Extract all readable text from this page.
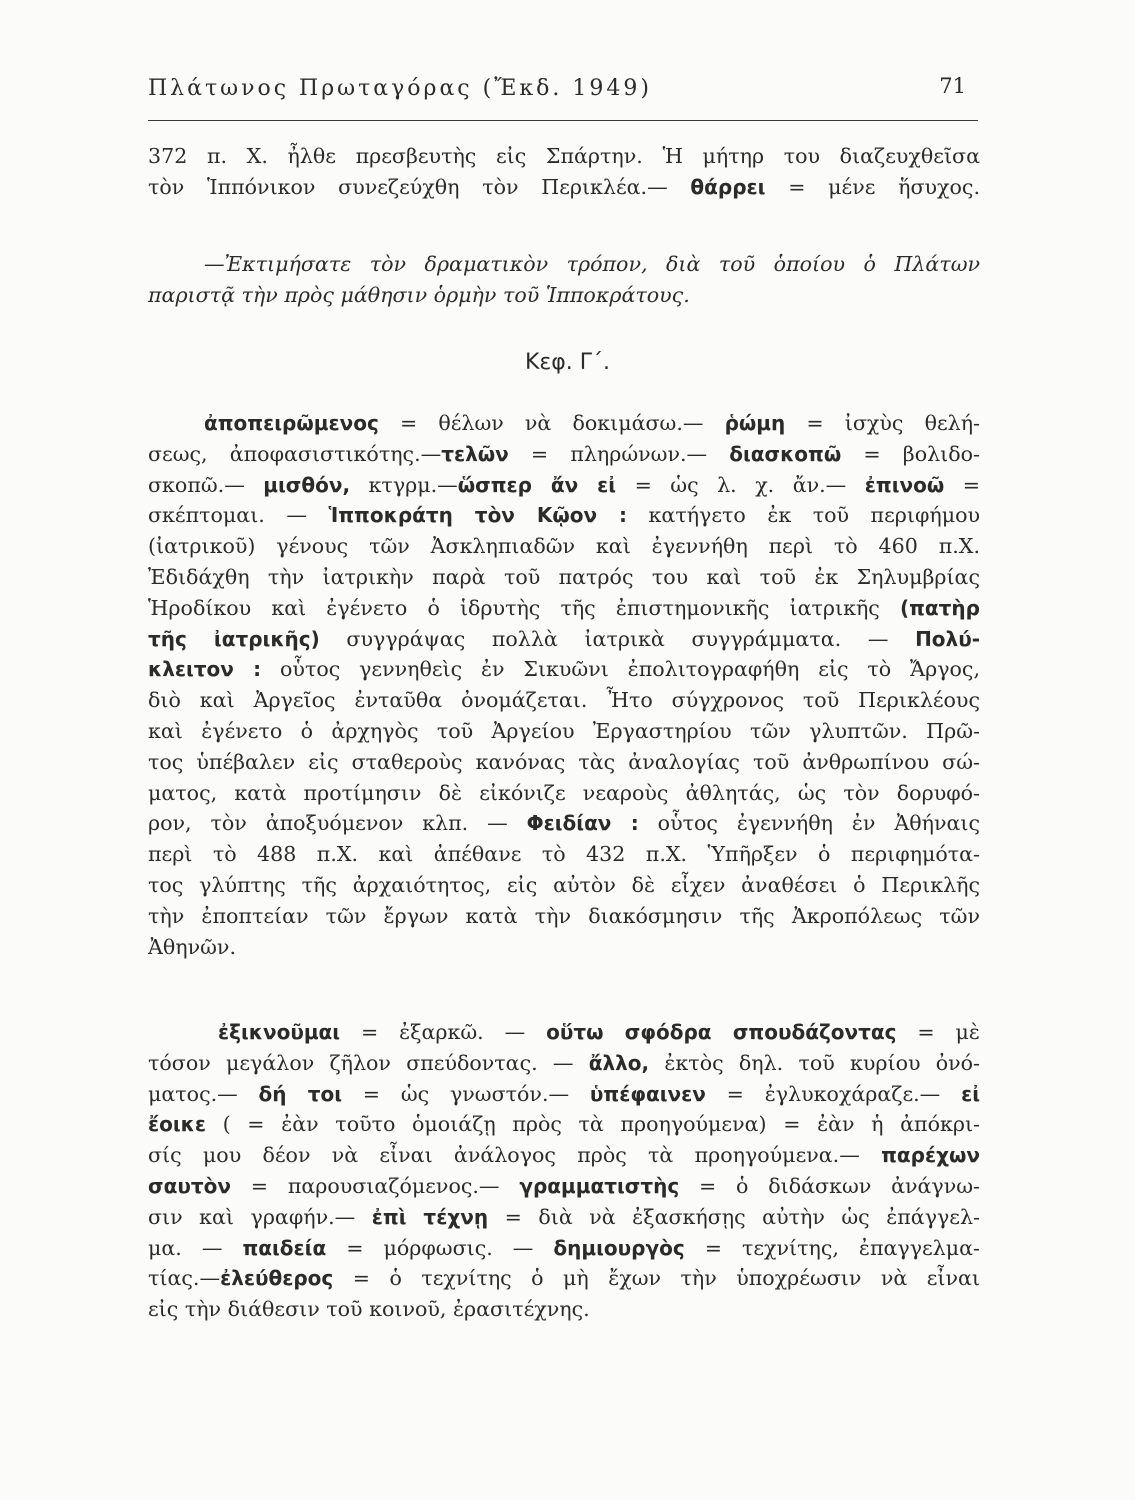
Πλάτωνος Πρωταγόρας (Ἔκδ. 1949)	71
372 π. Χ. ἦλθε πρεσβευτὴς εἰς Σπάρτην. Ἡ μήτηρ του διαζευχθεῖσα
τὸν Ἱππόνικον συνεζεύχθη τὸν Περικλέα.— θάρρει = μένε ἥσυχος.
—Ἐκτιμήσατε τὸν δραματικὸν τρόπον, διὰ τοῦ ὁποίου ὁ Πλάτων
παριστᾷ τὴν πρὸς μάθησιν ὁρμὴν τοῦ Ἱπποκράτους.
Κεφ. Γ΄.
ἀποπειρῶμενος = θέλων νὰ δοκιμάσω.— ῥώμη = ἰσχὺς θελή-
σεως, ἀποφασιστικότης.—τελῶν = πληρώνων.— διασκοπῶ = βολιδο-
σκοπῶ.— μισθόν, κτγρμ.—ὥσπερ ἄν εἰ = ὡς λ. χ. ἄν.— ἐπινοῶ =
σκέπτομαι. — Ἱπποκράτη τὸν Κῷον : κατήγετο ἐκ τοῦ περιφήμου
(ἰατρικοῦ) γένους τῶν Ἀσκληπιαδῶν καὶ ἐγεννήθη περὶ τὸ 460 π.Χ.
Ἐδιδάχθη τὴν ἰατρικὴν παρὰ τοῦ πατρός του καὶ τοῦ ἐκ Σηλυμβρίας
Ἡροδίκου καὶ ἐγένετο ὁ ἱδρυτὴς τῆς ἐπιστημονικῆς ἰατρικῆς (πατὴρ
τῆς ἰατρικῆς) συγγράψας πολλὰ ἰατρικὰ συγγράμματα. — Πολύ-
κλειτον : οὗτος γεννηθεὶς ἐν Σικυῶνι ἐπολιτογραφήθη εἰς τὸ Ἄργος,
διὸ καὶ Ἀργεῖος ἐνταῦθα ὀνομάζεται. Ἦτο σύγχρονος τοῦ Περικλέους
καὶ ἐγένετο ὁ ἀρχηγὸς τοῦ Ἀργείου Ἐργαστηρίου τῶν γλυπτῶν. Πρῶ-
τος ὑπέβαλεν εἰς σταθεροὺς κανόνας τὰς ἀναλογίας τοῦ ἀνθρωπίνου σώ-
ματος, κατὰ προτίμησιν δὲ εἰκόνιζε νεαροὺς ἀθλητάς, ὡς τὸν δορυφό-
ρον, τὸν ἀποξυόμενον κλπ. — Φειδίαν : οὗτος ἐγεννήθη ἐν Ἀθήναις
περὶ τὸ 488 π.Χ. καὶ ἀπέθανε τὸ 432 π.Χ. Ὑπῆρξεν ὁ περιφημότα-
τος γλύπτης τῆς ἀρχαιότητος, εἰς αὐτὸν δὲ εἶχεν ἀναθέσει ὁ Περικλῆς
τὴν ἐποπτείαν τῶν ἔργων κατὰ τὴν διακόσμησιν τῆς Ἀκροπόλεως τῶν
Ἀθηνῶν.
ἐξικνοῦμαι = ἐξαρκῶ. — οὕτω σφόδρα σπουδάζοντας = μὲ
τόσον μεγάλον ζῆλον σπεύδοντας. — ἄλλο, ἐκτὸς δηλ. τοῦ κυρίου ὀνό-
ματος.— δή τοι = ὡς γνωστόν.— ὑπέφαινεν = ἐγλυκοχάραζε.— εἰ
ἔοικε ( = ἐὰν τοῦτο ὁμοιάζῃ πρὸς τὰ προηγούμενα) = ἐὰν ἡ ἀπόκρι-
σίς μου δέον νὰ εἶναι ἀνάλογος πρὸς τὰ προηγούμενα.— παρέχων
σαυτὸν = παρουσιαζόμενος.— γραμματιστὴς = ὁ διδάσκων ἀνάγνω-
σιν καὶ γραφήν.— ἐπὶ τέχνῃ = διὰ νὰ ἐξασκήσῃς αὐτὴν ὡς ἐπάγγελ-
μα. — παιδεία = μόρφωσις. — δημιουργὸς = τεχνίτης, ἐπαγγελμα-
τίας.—ἐλεύθερος = ὁ τεχνίτης ὁ μὴ ἔχων τὴν ὑποχρέωσιν νὰ εἶναι
εἰς τὴν διάθεσιν τοῦ κοινοῦ, ἐρασιτέχνης.
